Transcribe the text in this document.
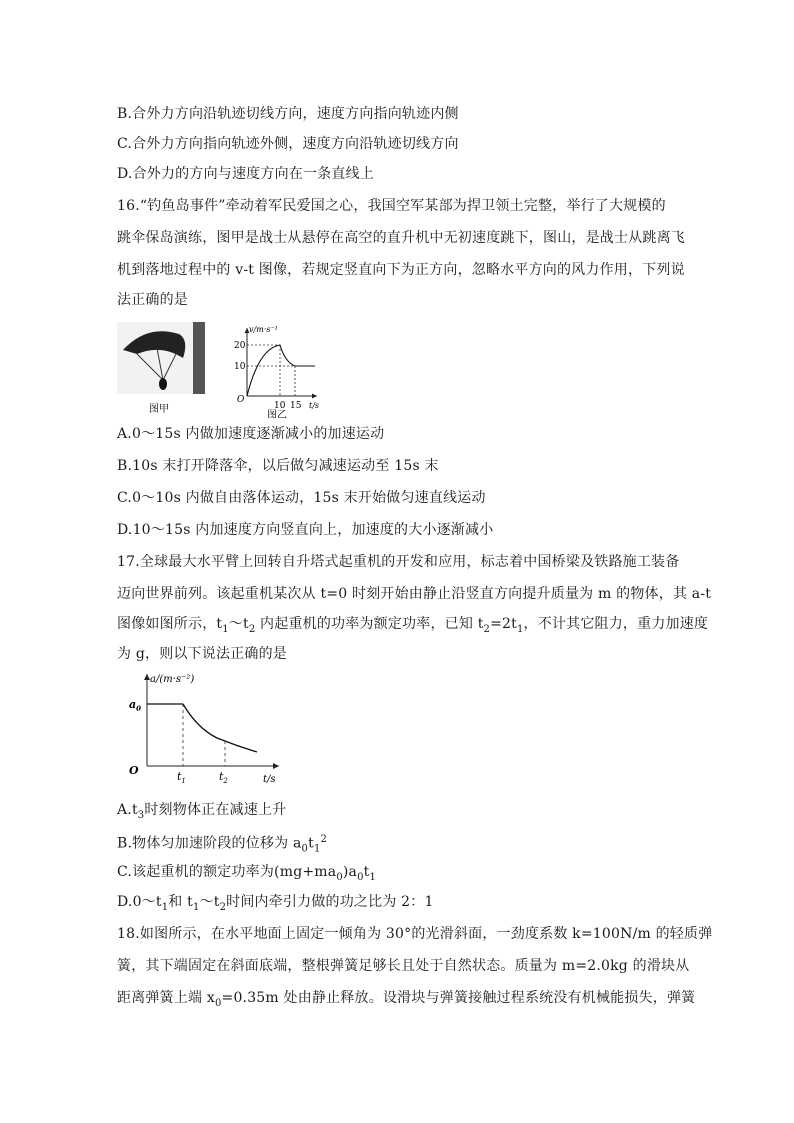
B.合外力方向沿轨迹切线方向，速度方向指向轨迹内侧
C.合外力方向指向轨迹外侧，速度方向沿轨迹切线方向
D.合外力的方向与速度方向在一条直线上
16.“钓鱼岛事件”牵动着军民爱国之心，我国空军某部为捍卫领土完整，举行了大规模的
跳伞保岛演练，图甲是战士从悬停在高空的直升机中无初速度跳下，图山，是战士从跳离飞
机到落地过程中的 v-t 图像，若规定竖直向下为正方向，忽略水平方向的风力作用，下列说
法正确的是
图甲
v/m·s⁻¹
O
20
10
10 15 t/s
图乙
A.0～15s 内做加速度逐渐减小的加速运动
B.10s 末打开降落伞，以后做匀减速运动至 15s 末
C.0～10s 内做自由落体运动，15s 末开始做匀速直线运动
D.10～15s 内加速度方向竖直向上，加速度的大小逐渐减小
17.全球最大水平臂上回转自升塔式起重机的开发和应用，标志着中国桥梁及铁路施工装备
迈向世界前列。该起重机某次从 t=0 时刻开始由静止沿竖直方向提升质量为 m 的物体，其 a-t
图像如图所示，$t_1\sim t_2$ 内起重机的功率为额定功率，已知 $t_2=2t_1$，不计其它阻力，重力加速度
为 g，则以下说法正确的是
a/(m·s⁻²)
O
$a_0$
$t_1$	$t_2$	t/s
$A.t_3$时刻物体正在减速上升
B.物体匀加速阶段的位移为 $a_0t_1^2$
C.该起重机的额定功率为$(mg+ma_0)a_0t_1$
$D.0\sim t_1$和 $t_1\sim t_2$时间内牵引力做的功之比为 2：1
18.如图所示，在水平地面上固定一倾角为 30°的光滑斜面，一劲度系数 k=100N/m 的轻质弹
簧，其下端固定在斜面底端，整根弹簧足够长且处于自然状态。质量为 m=2.0kg 的滑块从
距离弹簧上端 $x_0=0.35m$ 处由静止释放。设滑块与弹簧接触过程系统没有机械能损失，弹簧
